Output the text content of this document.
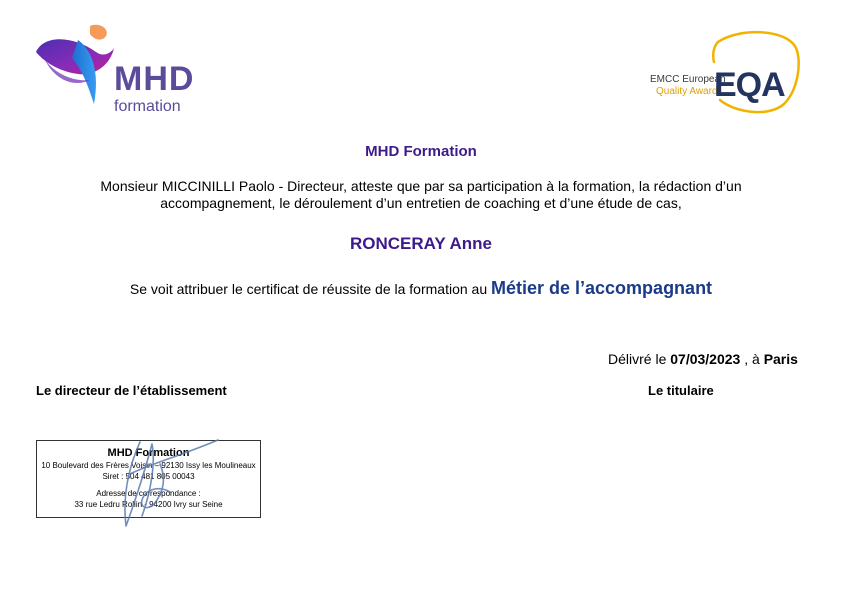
MHD
formation
EMCC European
Quality Award
EQA
MHD Formation
Monsieur MICCINILLI Paolo - Directeur, atteste que par sa participation à la formation, la rédaction d’un accompagnement, le déroulement d’un entretien de coaching et d’une étude de cas,
RONCERAY Anne
Se voit attribuer le certificat de réussite de la formation au Métier de l’accompagnant
Délivré le 07/03/2023 , à Paris
Le directeur de l’établissement	Le titulaire
MHD Formation
10 Boulevard des Frères Voisin – 92130 Issy les Moulineaux
Siret : 504 481 805 00043
Adresse de correspondance :
33 rue Ledru Rollin - 94200 Ivry sur Seine
